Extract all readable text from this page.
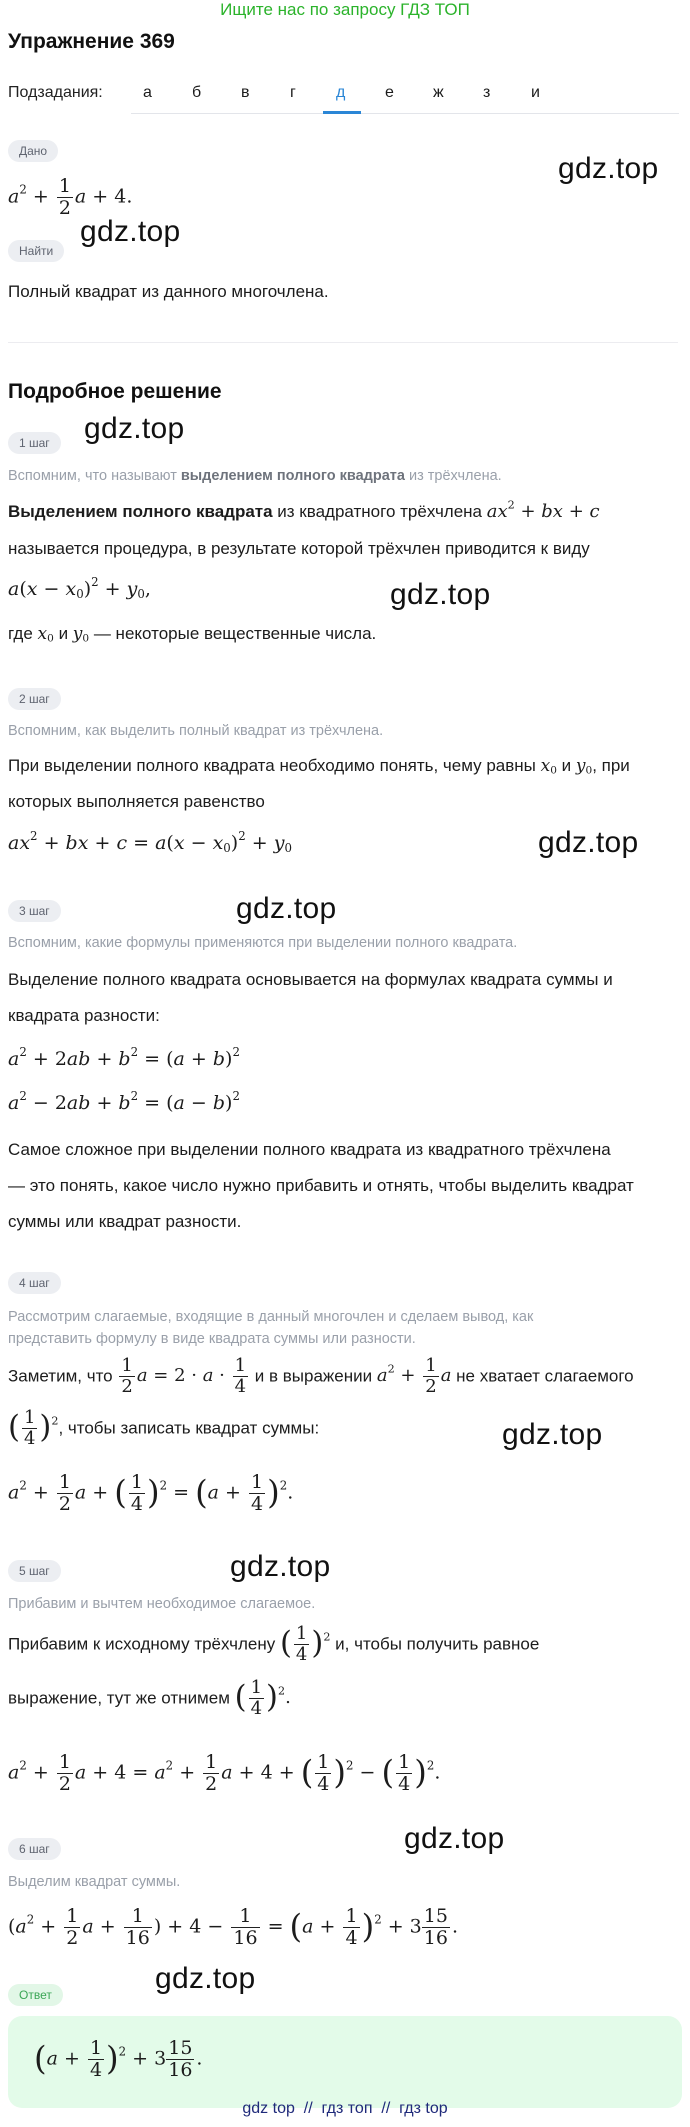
Ищите нас по запросу ГДЗ ТОП
Упражнение 369
Подзадания:	а	б в	г	д е ж з	и
Дано
$a^2 + \frac{1}{2}$ a + 4.
gdz.top
Найти
gdz.top
Полный квадрат из данного многочлена.
Подробное решение
gdz.top
1 шаг
Вспомним, что называют выделением полного квадрата из трёхчлена.
Выделением полного квадрата из квадратного трёхчлена $ax^2$ + bx + c
называется процедура, в результате которой трёхчлен приводится к виду
$a(x - x_0)^2 + y_0$,	gdz.top
где $x_0$ и $y_0$ — некоторые вещественные числа.
2 шаг
Вспомним, как выделить полный квадрат из трёхчлена.
При выделении полного квадрата необходимо понять, чему равны $x_0$ и $y_0$, при
которых выполняется равенство
$ax^2$ + bx + $c = a(x - x_0)^2 + y_0$	gdz.top
gdz.top
3 шаг
Вспомним, какие формулы применяются при выделении полного квадрата.
Выделение полного квадрата основывается на формулах квадрата суммы и
квадрата разности:
$a^2 + 2ab + b^2 = (a + b)^2$
$a^2 - 2ab + b^2 = (a - b)^2$
Самое сложное при выделении полного квадрата из квадратного трёхчлена
— это понять, какое число нужно прибавить и отнять, чтобы выделить квадрат
суммы или квадрат разности.
4 шаг
Рассмотрим слагаемые, входящие в данный многочлен и сделаем вывод, как
представить формулу в виде квадрата суммы или разности.
Заметим, что $\frac{1}{2}$ $a = 2 \cdot a \cdot \frac{1}{4}$ и в выражении $a^2 + \frac{1}{2}$ a не хватает слагаемого
( $\frac{1}{4} )^2$, чтобы записать квадрат суммы:	gdz.top
$a^2 + \frac{1}{2}$ a + ( $\frac{1}{4} )^2 = (a + \frac{1}{4} )^2$.
gdz.top
5 шаг
Прибавим и вычтем необходимое слагаемое.
Прибавим к исходному трёхчлену ( $\frac{1}{4} )^2$ и, чтобы получить равное
выражение, тут же отнимем ( $\frac{1}{4} )^2$.
$a^2 + \frac{1}{2}$ $a + 4 = a^2 + \frac{1}{2}$ a + 4 + ( $\frac{1}{4} )^2$ − ( $\frac{1}{4} )^2$.
gdz.top
6 шаг
Выделим квадрат суммы.
($a^2 + \frac{1}{2}$ $a + \frac{1}{16}$ ) + $4 - \frac{1}{16} = (a + \frac{1}{4} )^2 + 3 \frac{15}{16}$ .
gdz.top
Ответ
$(a + \frac{1}{4} )^2 + 3 \frac{15}{16}$ .
gdz top  //  гдз топ  //  гдз top
